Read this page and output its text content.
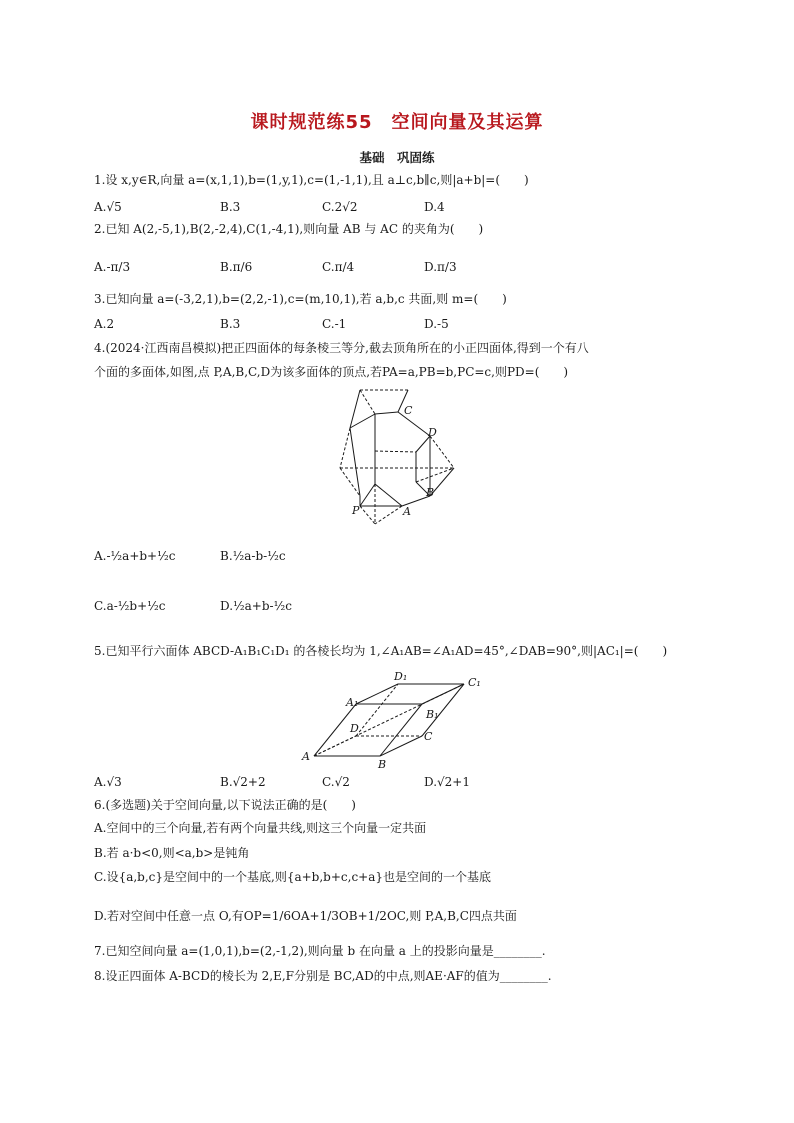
课时规范练55　空间向量及其运算
基础　巩固练
1.设 x,y∈R,向量 a=(x,1,1),b=(1,y,1),c=(1,-1,1),且 a⊥c,b∥c,则|a+b|=(　　)
A.√5	B.3	C.2√2	D.4
2.已知 A(2,-5,1),B(2,-2,4),C(1,-4,1),则向量 AB 与 AC 的夹角为(　　)
A.-π/3	B.π/6	C.π/4	D.π/3
3.已知向量 a=(-3,2,1),b=(2,2,-1),c=(m,10,1),若 a,b,c 共面,则 m=(　　)
A.2	B.3	C.-1	D.-5
4.(2024·江西南昌模拟)把正四面体的每条棱三等分,截去顶角所在的小正四面体,得到一个有八
个面的多面体,如图,点 P,A,B,C,D为该多面体的顶点,若PA=a,PB=b,PC=c,则PD=(　　)
C
D
B
P	A
A.-½a+b+½c	B.½a-b-½c
C.a-½b+½c	D.½a+b-½c
5.已知平行六面体 ABCD-A₁B₁C₁D₁ 的各棱长均为 1,∠A₁AB=∠A₁AD=45°,∠DAB=90°,则|AC₁|=(　　)
A
B
C
D
A₁
B₁
C₁
D₁
A.√3	B.√2+2	C.√2	D.√2+1
6.(多选题)关于空间向量,以下说法正确的是(　　)
A.空间中的三个向量,若有两个向量共线,则这三个向量一定共面
B.若 a·b<0,则<a,b>是钝角
C.设{a,b,c}是空间中的一个基底,则{a+b,b+c,c+a}也是空间的一个基底
D.若对空间中任意一点 O,有OP=1/6OA+1/3OB+1/2OC,则 P,A,B,C四点共面
7.已知空间向量 a=(1,0,1),b=(2,-1,2),则向量 b 在向量 a 上的投影向量是________.
8.设正四面体 A-BCD的棱长为 2,E,F分别是 BC,AD的中点,则AE·AF的值为________.
